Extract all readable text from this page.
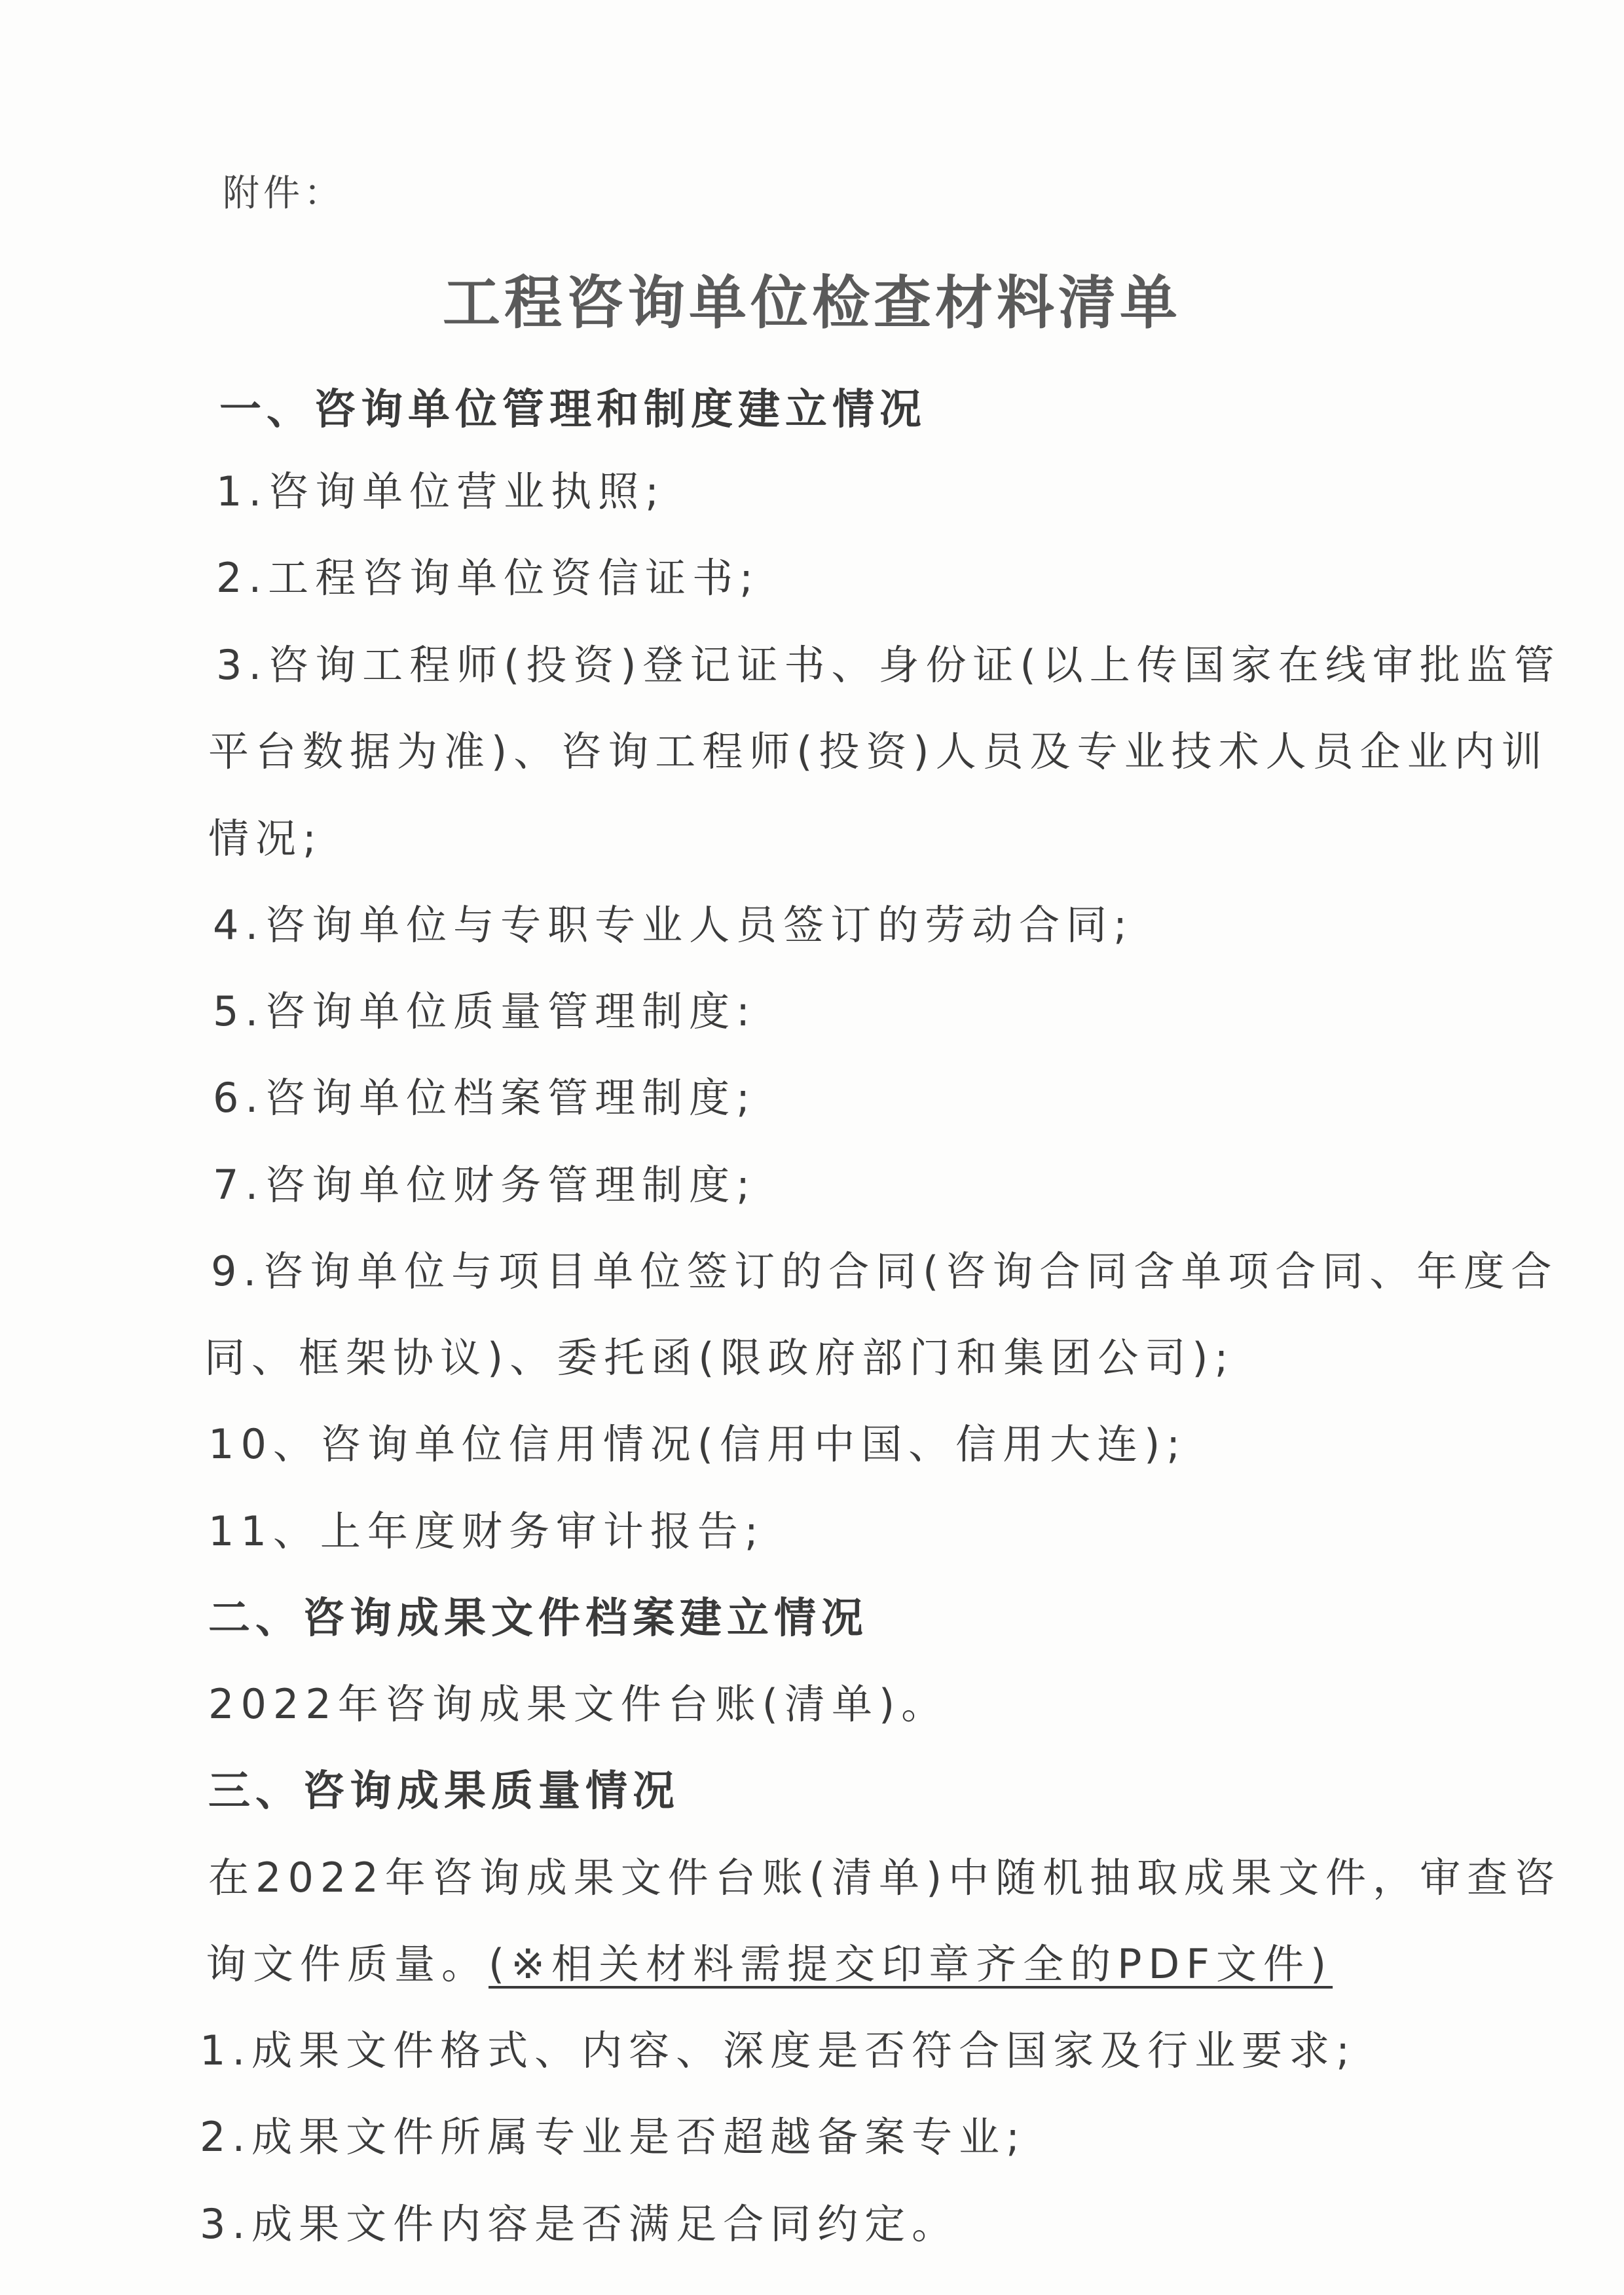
附件：
工程咨询单位检查材料清单
一、咨询单位管理和制度建立情况
1.咨询单位营业执照;
2.工程咨询单位资信证书;
3.咨询工程师(投资)登记证书、身份证(以上传国家在线审批监管
平台数据为准)、咨询工程师(投资)人员及专业技术人员企业内训
情况;
4.咨询单位与专职专业人员签订的劳动合同;
5.咨询单位质量管理制度:
6.咨询单位档案管理制度;
7.咨询单位财务管理制度;
9.咨询单位与项目单位签订的合同(咨询合同含单项合同、年度合
同、框架协议)、委托函(限政府部门和集团公司);
10、咨询单位信用情况(信用中国、信用大连);
11、上年度财务审计报告;
二、咨询成果文件档案建立情况
2022年咨询成果文件台账(清单)。
三、咨询成果质量情况
在2022年咨询成果文件台账(清单)中随机抽取成果文件，审查咨
询文件质量。(※相关材料需提交印章齐全的PDF文件)
1.成果文件格式、内容、深度是否符合国家及行业要求;
2.成果文件所属专业是否超越备案专业;
3.成果文件内容是否满足合同约定。
